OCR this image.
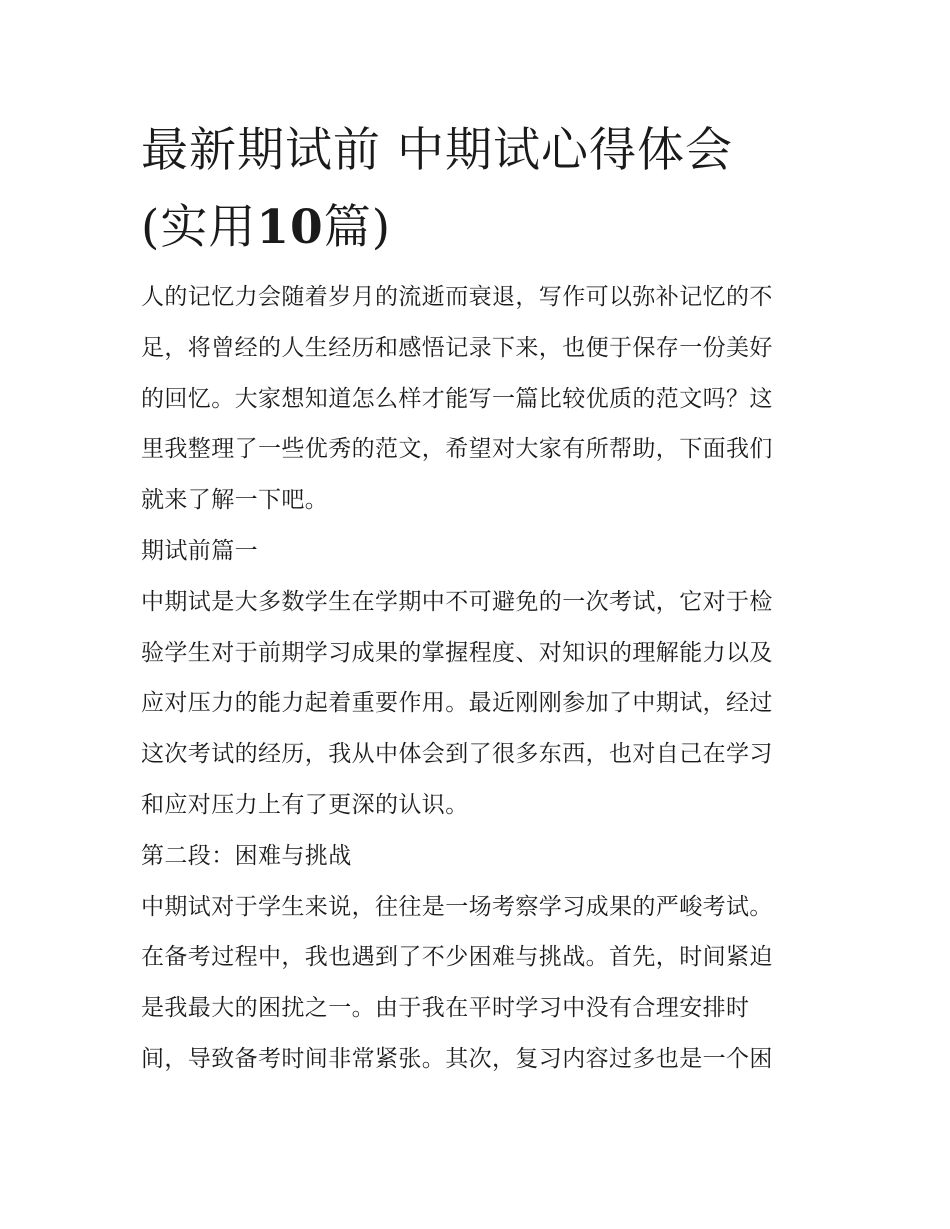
最新期试前 中期试心得体会
(实用10篇)

人的记忆力会随着岁月的流逝而衰退，写作可以弥补记忆的不
足，将曾经的人生经历和感悟记录下来，也便于保存一份美好
的回忆。大家想知道怎么样才能写一篇比较优质的范文吗？这
里我整理了一些优秀的范文，希望对大家有所帮助，下面我们
就来了解一下吧。

期试前篇一

中期试是大多数学生在学期中不可避免的一次考试，它对于检
验学生对于前期学习成果的掌握程度、对知识的理解能力以及
应对压力的能力起着重要作用。最近刚刚参加了中期试，经过
这次考试的经历，我从中体会到了很多东西，也对自己在学习
和应对压力上有了更深的认识。

第二段：困难与挑战

中期试对于学生来说，往往是一场考察学习成果的严峻考试。
在备考过程中，我也遇到了不少困难与挑战。首先，时间紧迫
是我最大的困扰之一。由于我在平时学习中没有合理安排时
间，导致备考时间非常紧张。其次，复习内容过多也是一个困
